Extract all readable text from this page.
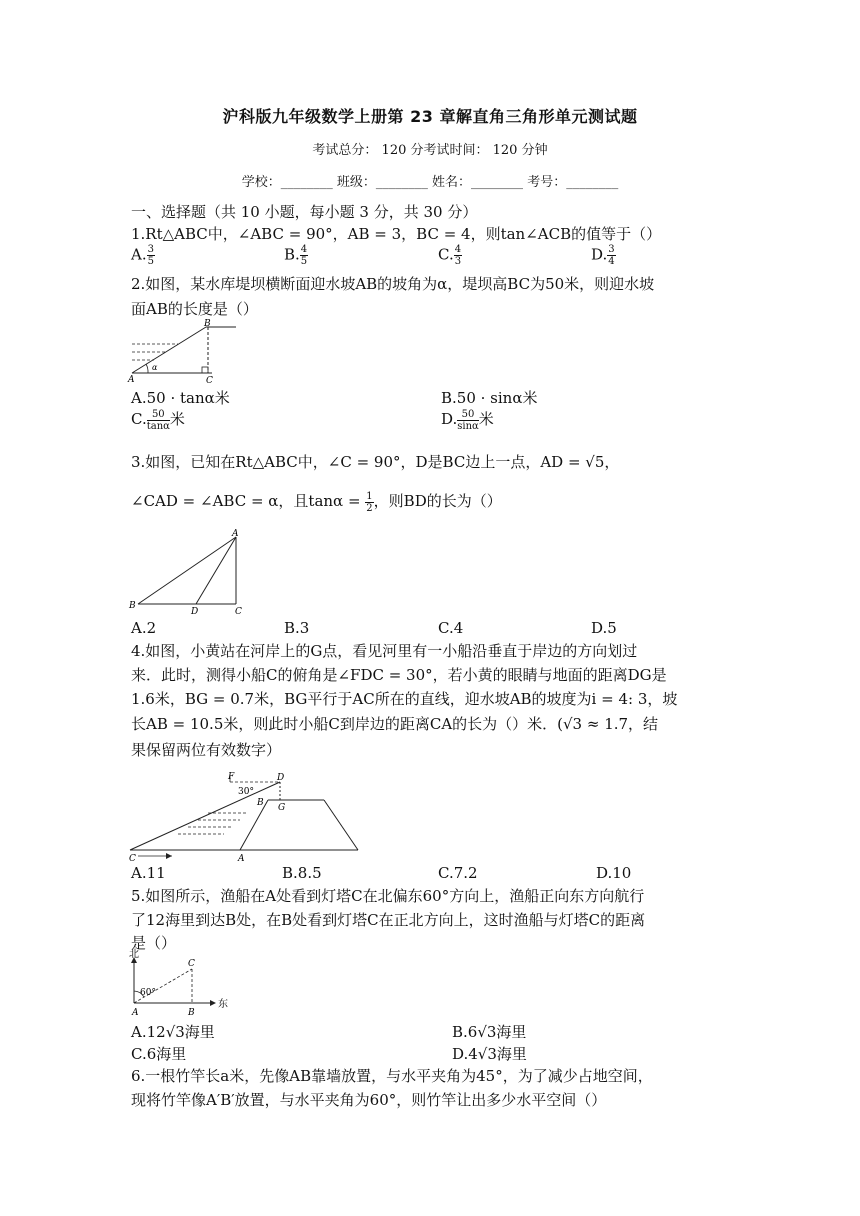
沪科版九年级数学上册第 23 章解直角三角形单元测试题
考试总分： 120 分考试时间： 120 分钟
学校：________ 班级：________ 姓名：________ 考号：________
一、选择题（共 10 小题，每小题 3 分，共 30 分）
1.Rt△ABC中，∠ABC = 90°，AB = 3，BC = 4，则tan∠ACB的值等于（）
A. $\frac{3}{5}$	B. $\frac{4}{5}$	C. $\frac{4}{3}$	D. $\frac{3}{4}$
2.如图，某水库堤坝横断面迎水坡AB的坡角为α，堤坝高BC为50米，则迎水坡
面AB的长度是（）
B
A	C
α
A.50 · tanα米	B.50 · sinα米
C. $\frac{50}{\tan\alpha}$ 米	D. $\frac{50}{\sin\alpha}$ 米
3.如图，已知在Rt△ABC中，∠C = 90°，D是BC边上一点，AD = √5，
∠CAD = ∠ABC = α，且$\tan\alpha = \frac{1}{2}$ ，则BD的长为（）
A
B
C
D
A.2	B.3	C.4	D.5
4.如图，小黄站在河岸上的G点，看见河里有一小船沿垂直于岸边的方向划过
来．此时，测得小船C的俯角是∠FDC = 30°，若小黄的眼睛与地面的距离DG是
1.6米，BG = 0.7米，BG平行于AC所在的直线，迎水坡AB的坡度为i = 4: 3，坡
长AB = 10.5米，则此时小船C到岸边的距离CA的长为（）米．(√3 ≈ 1.7，结
果保留两位有效数字）
F	D
30°
B G
C	A
A.11	B.8.5	C.7.2	D.10
5.如图所示，渔船在A处看到灯塔C在北偏东60°方向上，渔船正向东方向航行
了12海里到达B处，在B处看到灯塔C在正北方向上，这时渔船与灯塔C的距离
是（）
北
东
C
60°
A	B
A.12√3海里	B.6√3海里
C.6海里	D.4√3海里
6.一根竹竿长a米，先像AB靠墙放置，与水平夹角为45°，为了减少占地空间，
现将竹竿像A′B′放置，与水平夹角为60°，则竹竿让出多少水平空间（）
